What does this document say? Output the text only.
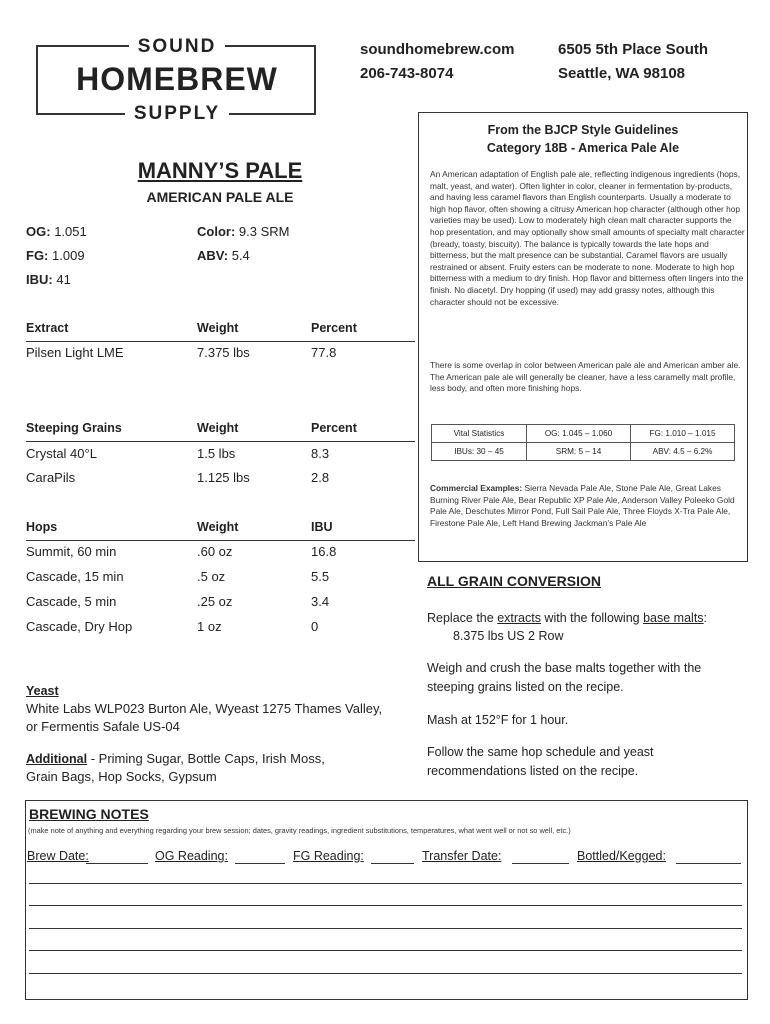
SOUND
HOMEBREW
SUPPLY
soundhomebrew.com
206-743-8074
6505 5th Place South
Seattle, WA 98108
MANNY’S PALE
AMERICAN PALE ALE
OG: 1.051
FG: 1.009
IBU: 41
Color: 9.3 SRM
ABV: 5.4
Extract	Weight	Percent
Pilsen Light LME	7.375 lbs	77.8
Steeping Grains	Weight	Percent
Crystal 40°L	1.5 lbs	8.3
CaraPils	1.125 lbs	2.8
Hops	Weight	IBU
Summit, 60 min	.60 oz	16.8
Cascade, 15 min	.5 oz	5.5
Cascade, 5 min	.25 oz	3.4
Cascade, Dry Hop	1 oz	0
Yeast
White Labs WLP023 Burton Ale, Wyeast 1275 Thames Valley,
or Fermentis Safale US-04
Additional - Priming Sugar, Bottle Caps, Irish Moss,
Grain Bags, Hop Socks, Gypsum
From the BJCP Style Guidelines
Category 18B - America Pale Ale
An American adaptation of English pale ale, reflecting indigenous ingredients (hops, malt, yeast, and water). Often lighter in color, cleaner in fermentation by-products, and having less caramel flavors than English counterparts. Usually a moderate to high hop flavor, often showing a citrusy American hop character (although other hop varieties may be used). Low to moderately high clean malt character supports the hop presentation, and may optionally show small amounts of specialty malt character (bready, toasty, biscuity). The balance is typically towards the late hops and bitterness, but the malt presence can be substantial. Caramel flavors are usually restrained or absent. Fruity esters can be moderate to none. Moderate to high hop bitterness with a medium to dry finish. Hop flavor and bitterness often lingers into the finish. No diacetyl. Dry hopping (if used) may add grassy notes, although this character should not be excessive.
There is some overlap in color between American pale ale and American amber ale. The American pale ale will generally be cleaner, have a less caramelly malt profile, less body, and often more finishing hops.
Vital Statistics	OG: 1.045 – 1.060	FG: 1.010 – 1.015
IBUs: 30 – 45	SRM: 5 – 14	ABV: 4.5 – 6.2%
Commercial Examples: Sierra Nevada Pale Ale, Stone Pale Ale, Great Lakes Burning River Pale Ale, Bear Republic XP Pale Ale, Anderson Valley Poleeko Gold Pale Ale, Deschutes Mirror Pond, Full Sail Pale Ale, Three Floyds X-Tra Pale Ale, Firestone Pale Ale, Left Hand Brewing Jackman’s Pale Ale
ALL GRAIN CONVERSION
Replace the extracts with the following base malts:
8.375 lbs US 2 Row
Weigh and crush the base malts together with the steeping grains listed on the recipe.
Mash at 152°F for 1 hour.
Follow the same hop schedule and yeast recommendations listed on the recipe.
BREWING NOTES
(make note of anything and everything regarding your brew session; dates, gravity readings, ingredient substitutions, temperatures, what went well or not so well, etc.)
Brew Date:	OG Reading:	FG Reading:	Transfer Date:	Bottled/Kegged:
